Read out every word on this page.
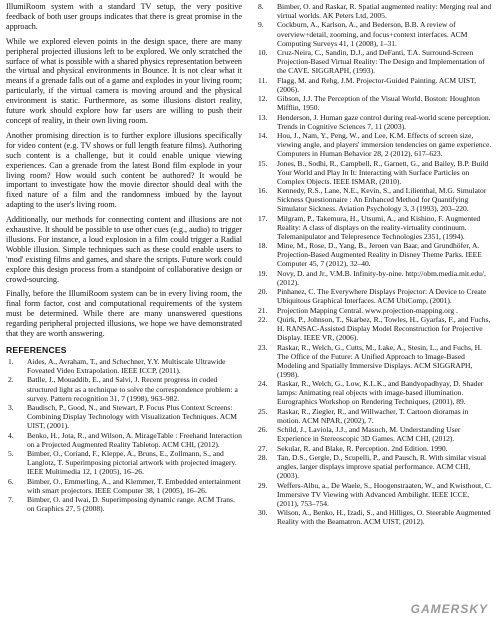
IllumiRoom system with a standard TV setup, the very positive feedback of both user groups indicates that there is great promise in the approach.

While we explored eleven points in the design space, there are many peripheral projected illusions left to be explored. We only scratched the surface of what is possible with a shared physics representation between the virtual and physical environments in Bounce. It is not clear what it means if a grenade falls out of a game and explodes in your living room; particularly, if the virtual camera is moving around and the physical environment is static. Furthermore, as some illusions distort reality, future work should explore how far users are willing to push their concept of reality, in their own living room.

Another promising direction is to further explore illusions specifically for video content (e.g. TV shows or full length feature films). Authoring such content is a challenge, but it could enable unique viewing experiences. Can a grenade from the latest Bond film explode in your living room? How would such content be authored? It would be important to investigate how the movie director should deal with the fixed nature of a film and the randomness imbued by the layout adapting to the user's living room.

Additionally, our methods for connecting content and illusions are not exhaustive. It should be possible to use other cues (e.g., audio) to trigger illusions. For instance, a loud explosion in a film could trigger a Radial Wobble illusion. Simple techniques such as these could enable users to 'mod' existing films and games, and share the scripts. Future work could explore this design process from a standpoint of collaborative design or crowd-sourcing.

Finally, before the IllumiRoom system can be in every living room, the final form factor, cost and computational requirements of the system must be determined. While there are many unanswered questions regarding peripheral projected illusions, we hope we have demonstrated that they are worth answering.

REFERENCES
1. Aides, A., Avraham, T., and Schechner, Y.Y. Multiscale Ultrawide Foveated Video Extrapolation. IEEE ICCP, (2011).
2. Batlle, J., Mouaddib, E., and Salvi, J. Recent progress in coded structured light as a technique to solve the correspondence problem: a survey. Pattern recognition 31, 7 (1998), 963–982.
3. Baudisch, P., Good, N., and Stewart, P. Focus Plus Context Screens: Combining Display Technology with Visualization Techniques. ACM UIST, (2001).
4. Benko, H., Jota, R., and Wilson, A. MirageTable : Freehand Interaction on a Projected Augmented Reality Tabletop. ACM CHI, (2012).
5. Bimber, O., Coriand, F., Kleppe, A., Bruns, E., Zollmann, S., and Langlotz, T. Superimposing pictorial artwork with projected imagery. IEEE Multimedia 12, 1 (2005), 16–26.
6. Bimber, O., Emmerling, A., and Klemmer, T. Embedded entertainment with smart projectors. IEEE Computer 38, 1 (2005), 16–26.
7. Bimber, O. and Iwai, D. Superimposing dynamic range. ACM Trans. on Graphics 27, 5 (2008).
8. Bimber, O. and Raskar, R. Spatial augmented reality: Merging real and virtual worlds. AK Peters Ltd, 2005.
9. Cockburn, A., Karlson, A., and Bederson, B.B. A review of overview+detail, zooming, and focus+context interfaces. ACM Computing Surveys 41, 1 (2008), 1–31.
10. Cruz-Neira, C., Sandin, D.J., and DeFanti, T.A. Surround-Screen Projection-Based Virtual Reality: The Design and Implementation of the CAVE. SIGGRAPH, (1993).
11. Flagg, M. and Rehg, J.M. Projector-Guided Painting. ACM UIST, (2006).
12. Gibson, J.J. The Perception of the Visual World. Boston: Houghton Mifflin, 1950.
13. Henderson, J. Human gaze control during real-world scene perception. Trends in Cognitive Sciences 7, 11 (2003).
14. Hou, J., Nam, Y., Peng, W., and Lee, K.M. Effects of screen size, viewing angle, and players' immersion tendencies on game experience. Computers in Human Behavior 28, 2 (2012), 617–623.
15. Jones, B., Sodhi, R., Campbell, R., Garnett, G., and Bailey, B.P. Build Your World and Play In It: Interacting with Surface Particles on Complex Objects. IEEE ISMAR, (2010).
16. Kennedy, R.S., Lane, N.E., Kevin, S., and Lilienthal, M.G. Simulator Sickness Questionnaire : An Enhanced Method for Quantifying Simulator Sickness. Aviation Psychology 3, 3 (1993), 203–220.
17. Milgram, P., Takemura, H., Utsumi, A., and Kishino, F. Augmented Reality: A class of displays on the reality-virtuality continuum. Telemanipulator and Telepresence Technologies 2351, (1994).
18. Mine, M., Rose, D., Yang, B., Jeroen van Baar, and Grundhöfer, A. Projection-Based Augmented Reality in Disney Theme Parks. IEEE Computer 45, 7 (2012), 32–40.
19. Novy, D. and Jr., V.M.B. Infinity-by-nine. http://obm.media.mit.edu/, (2012).
20. Pinhanez, C. The Everywhere Displays Projector: A Device to Create Ubiquitous Graphical Interfaces. ACM UbiComp, (2001).
21. Projection Mapping Central. www.projection-mapping.org .
22. Quirk, P., Johnson, T., Skarbez, R., Towles, H., Gyarfas, F., and Fuchs, H. RANSAC-Assisted Display Model Reconstruction for Projective Display. IEEE VR, (2006).
23. Raskar, R., Welch, G., Cutts, M., Lake, A., Stesin, L., and Fuchs, H. The Office of the Future: A Unified Approach to Image-Based Modeling and Spatially Immersive Displays. ACM SIGGRAPH, (1998).
24. Raskar, R., Welch, G., Low, K.L.K., and Bandyopadhyay, D. Shader lamps: Animating real objects with image-based illumination. Eurographics Workshop on Rendering Techniques, (2001), 89.
25. Raskar, R., Ziegler, R., and Willwacher, T. Cartoon dioramas in motion. ACM NPAR, (2002), 7.
26. Schild, J., Laviola, J.J., and Masuch, M. Understanding User Experience in Stereoscopic 3D Games. ACM CHI, (2012).
27. Sekular, R. and Blake, R. Perception. 2nd Edition. 1990.
28. Tan, D.S., Gergle, D., Scupelli, P., and Pausch, R. With similar visual angles, larger displays improve spatial performance. ACM CHI, (2003).
29. Weffers-Albu, a., De Waele, S., Hoogenstraaten, W., and Kwisthout, C. Immersive TV Viewing with Advanced Ambilight. IEEE ICCE, (2011), 753–754.
30. Wilson, A., Benko, H., Izadi, S., and Hilliges, O. Steerable Augmented Reality with the Beamatron. ACM UIST, (2012).
GAMERSKY
